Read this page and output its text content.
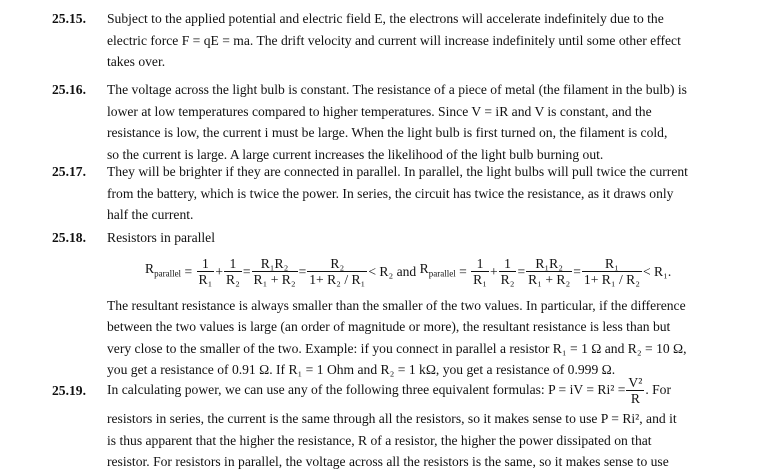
25.15.	Subject to the applied potential and electric field E, the electrons will accelerate indefinitely due to the

electric force F = qE = ma. The drift velocity and current will increase indefinitely until some other effect

takes over.

25.16.	The voltage across the light bulb is constant. The resistance of a piece of metal (the filament in the bulb) is

lower at low temperatures compared to higher temperatures. Since V = iR and V is constant, and the

resistance is low, the current i must be large. When the light bulb is first turned on, the filament is cold,

so the current is large. A large current increases the likelihood of the light bulb burning out.

25.17.	They will be brighter if they are connected in parallel. In parallel, the light bulbs will pull twice the current

from the battery, which is twice the power. In series, the circuit has twice the resistance, as it draws only

half the current.

25.18.	Resistors in parallel

$R_{parallel} = \frac{1}{\text{R₁}} + \frac{1}{\text{R₂}} = \frac{\text{R₁R₂}}{\text{R₁ + R₂}} = \frac{\text{R₂}}{\text{1+ R₂ / R₁}} < R_2$
and
$R_{parallel} = \frac{1}{\text{R₁}} + \frac{1}{\text{R₂}} = \frac{\text{R₁R₂}}{\text{R₁ + R₂}} = \frac{\text{R₁}}{\text{1+ R₁ / R₂}} < R_1$.

The resultant resistance is always smaller than the smaller of the two values. In particular, if the difference

between the two values is large (an order of magnitude or more), the resultant resistance is less than but

very close to the smaller of the two. Example: if you connect in parallel a resistor R₁ = 1 Ω and R₂ = 10 Ω,

you get a resistance of 0.91 Ω. If R₁ = 1 Ohm and R₂ = 1 kΩ, you get a resistance of 0.999 Ω.

25.19.	In calculating power, we can use any of the following three equivalent formulas: P = iV = $Ri^2 = \frac{\text{V²}}{R}$ . For

resistors in series, the current is the same through all the resistors, so it makes sense to use P = Ri², and it

is thus apparent that the higher the resistance, R of a resistor, the higher the power dissipated on that

resistor. For resistors in parallel, the voltage across all the resistors is the same, so it makes sense to use
